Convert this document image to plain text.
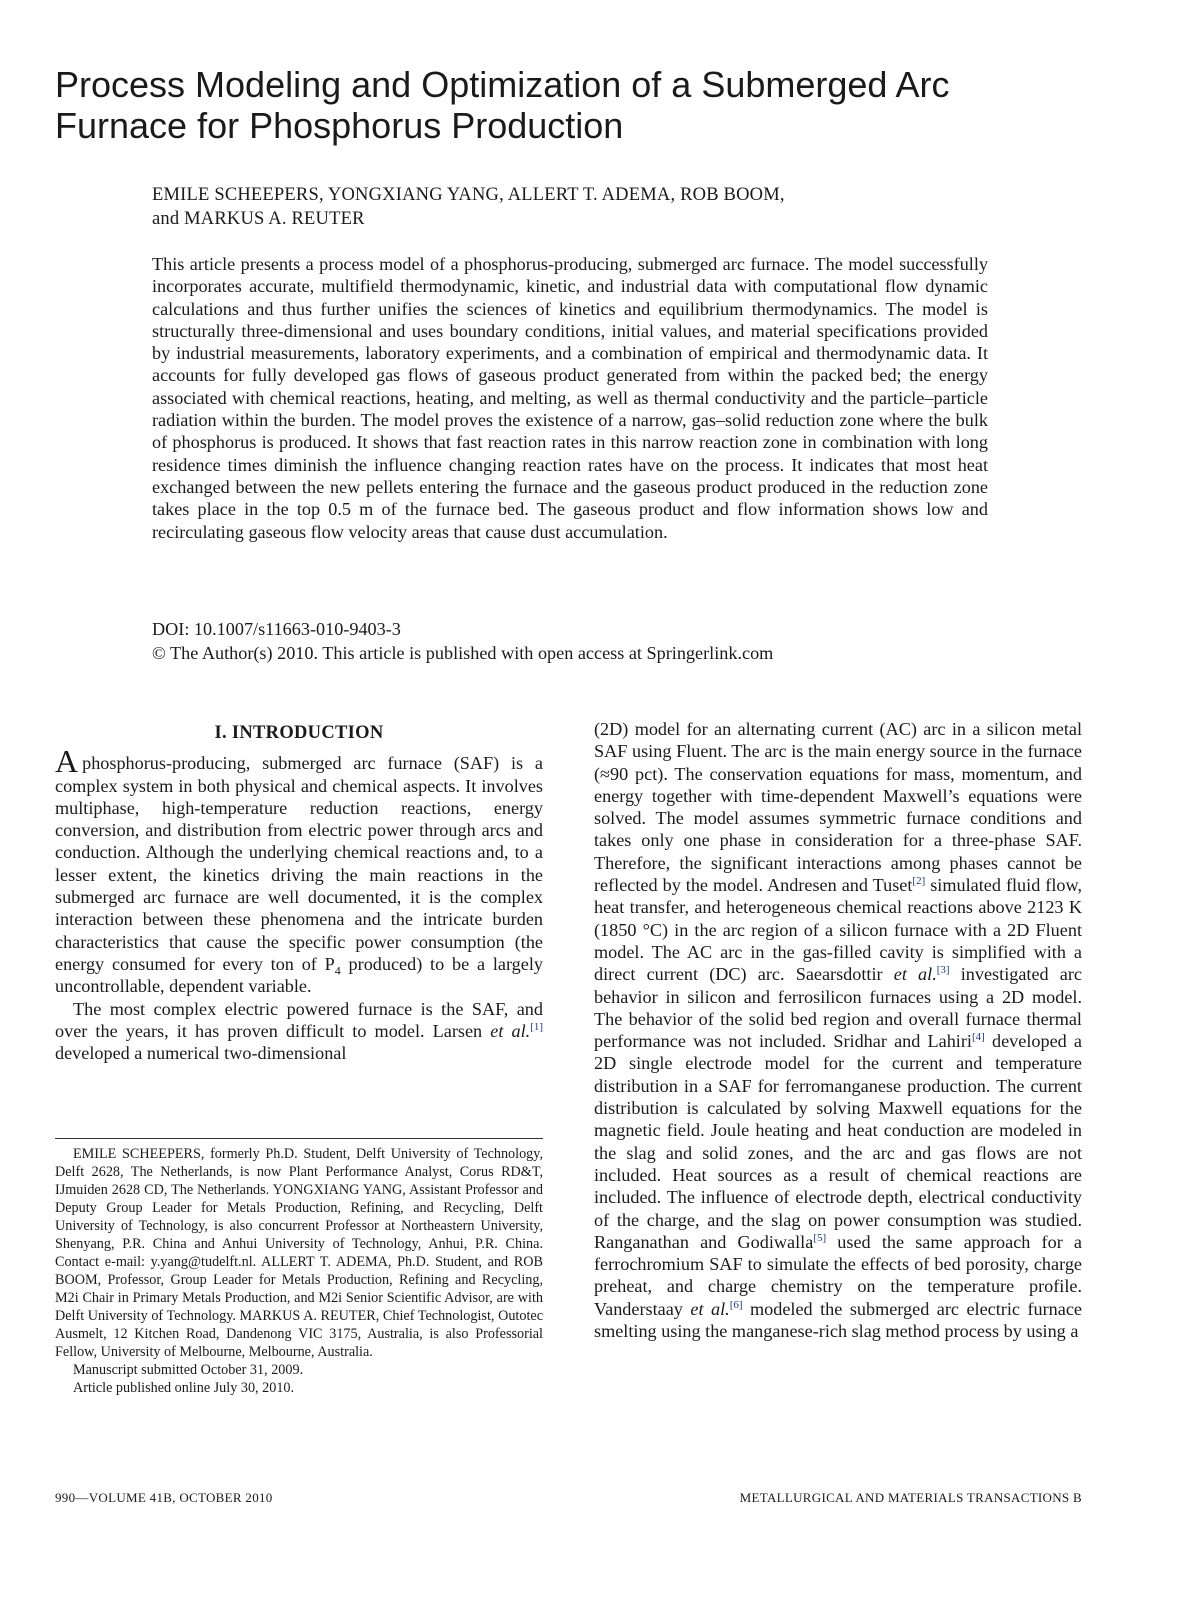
Process Modeling and Optimization of a Submerged Arc Furnace for Phosphorus Production
EMILE SCHEEPERS, YONGXIANG YANG, ALLERT T. ADEMA, ROB BOOM,
and MARKUS A. REUTER
This article presents a process model of a phosphorus-producing, submerged arc furnace. The model successfully incorporates accurate, multifield thermodynamic, kinetic, and industrial data with computational flow dynamic calculations and thus further unifies the sciences of kinetics and equilibrium thermodynamics. The model is structurally three-dimensional and uses boundary conditions, initial values, and material specifications provided by industrial measurements, laboratory experiments, and a combination of empirical and thermodynamic data. It accounts for fully developed gas flows of gaseous product generated from within the packed bed; the energy associated with chemical reactions, heating, and melting, as well as thermal conductivity and the particle–particle radiation within the burden. The model proves the existence of a narrow, gas–solid reduction zone where the bulk of phosphorus is produced. It shows that fast reaction rates in this narrow reaction zone in combination with long residence times diminish the influence changing reaction rates have on the process. It indicates that most heat exchanged between the new pellets entering the furnace and the gaseous product produced in the reduction zone takes place in the top 0.5 m of the furnace bed. The gaseous product and flow information shows low and recirculating gaseous flow velocity areas that cause dust accumulation.
DOI: 10.1007/s11663-010-9403-3
© The Author(s) 2010. This article is published with open access at Springerlink.com
I. INTRODUCTION

Aphosphorus-producing, submerged arc furnace (SAF) is a complex system in both physical and chemical aspects. It involves multiphase, high-temperature reduction reactions, energy conversion, and distribution from electric power through arcs and conduction. Although the underlying chemical reactions and, to a lesser extent, the kinetics driving the main reactions in the submerged arc furnace are well documented, it is the complex interaction between these phenomena and the intricate burden characteristics that cause the specific power consumption (the energy consumed for every ton of $P_4$ produced) to be a largely uncontrollable, dependent variable.

The most complex electric powered furnace is the SAF, and over the years, it has proven difficult to model. Larsen et al.[1] developed a numerical two-dimensional

EMILE SCHEEPERS, formerly Ph.D. Student, Delft University of Technology, Delft 2628, The Netherlands, is now Plant Performance Analyst, Corus RD&T, IJmuiden 2628 CD, The Netherlands. YONGXIANG YANG, Assistant Professor and Deputy Group Leader for Metals Production, Refining, and Recycling, Delft University of Technology, is also concurrent Professor at Northeastern University, Shenyang, P.R. China and Anhui University of Technology, Anhui, P.R. China. Contact e-mail: y.yang@tudelft.nl. ALLERT T. ADEMA, Ph.D. Student, and ROB BOOM, Professor, Group Leader for Metals Production, Refining and Recycling, M2i Chair in Primary Metals Production, and M2i Senior Scientific Advisor, are with Delft University of Technology. MARKUS A. REUTER, Chief Technologist, Outotec Ausmelt, 12 Kitchen Road, Dandenong VIC 3175, Australia, is also Professorial Fellow, University of Melbourne, Melbourne, Australia.

Manuscript submitted October 31, 2009.

Article published online July 30, 2010.

(2D) model for an alternating current (AC) arc in a silicon metal SAF using Fluent. The arc is the main energy source in the furnace (≈90 pct). The conservation equations for mass, momentum, and energy together with time-dependent Maxwell’s equations were solved. The model assumes symmetric furnace conditions and takes only one phase in consideration for a three-phase SAF. Therefore, the significant interactions among phases cannot be reflected by the model. Andresen and Tuset[2] simulated fluid flow, heat transfer, and heterogeneous chemical reactions above 2123 K (1850 °C) in the arc region of a silicon furnace with a 2D Fluent model. The AC arc in the gas-filled cavity is simplified with a direct current (DC) arc. Saearsdottir et al.[3] investigated arc behavior in silicon and ferrosilicon furnaces using a 2D model. The behavior of the solid bed region and overall furnace thermal performance was not included. Sridhar and Lahiri[4] developed a 2D single electrode model for the current and temperature distribution in a SAF for ferromanganese production. The current distribution is calculated by solving Maxwell equations for the magnetic field. Joule heating and heat conduction are modeled in the slag and solid zones, and the arc and gas flows are not included. Heat sources as a result of chemical reactions are included. The influence of electrode depth, electrical conductivity of the charge, and the slag on power consumption was studied. Ranganathan and Godiwalla[5] used the same approach for a ferrochromium SAF to simulate the effects of bed porosity, charge preheat, and charge chemistry on the temperature profile. Vanderstaay et al.[6] modeled the submerged arc electric furnace smelting using the manganese-rich slag method process by using a

990—VOLUME 41B, OCTOBER 2010	METALLURGICAL AND MATERIALS TRANSACTIONS B
